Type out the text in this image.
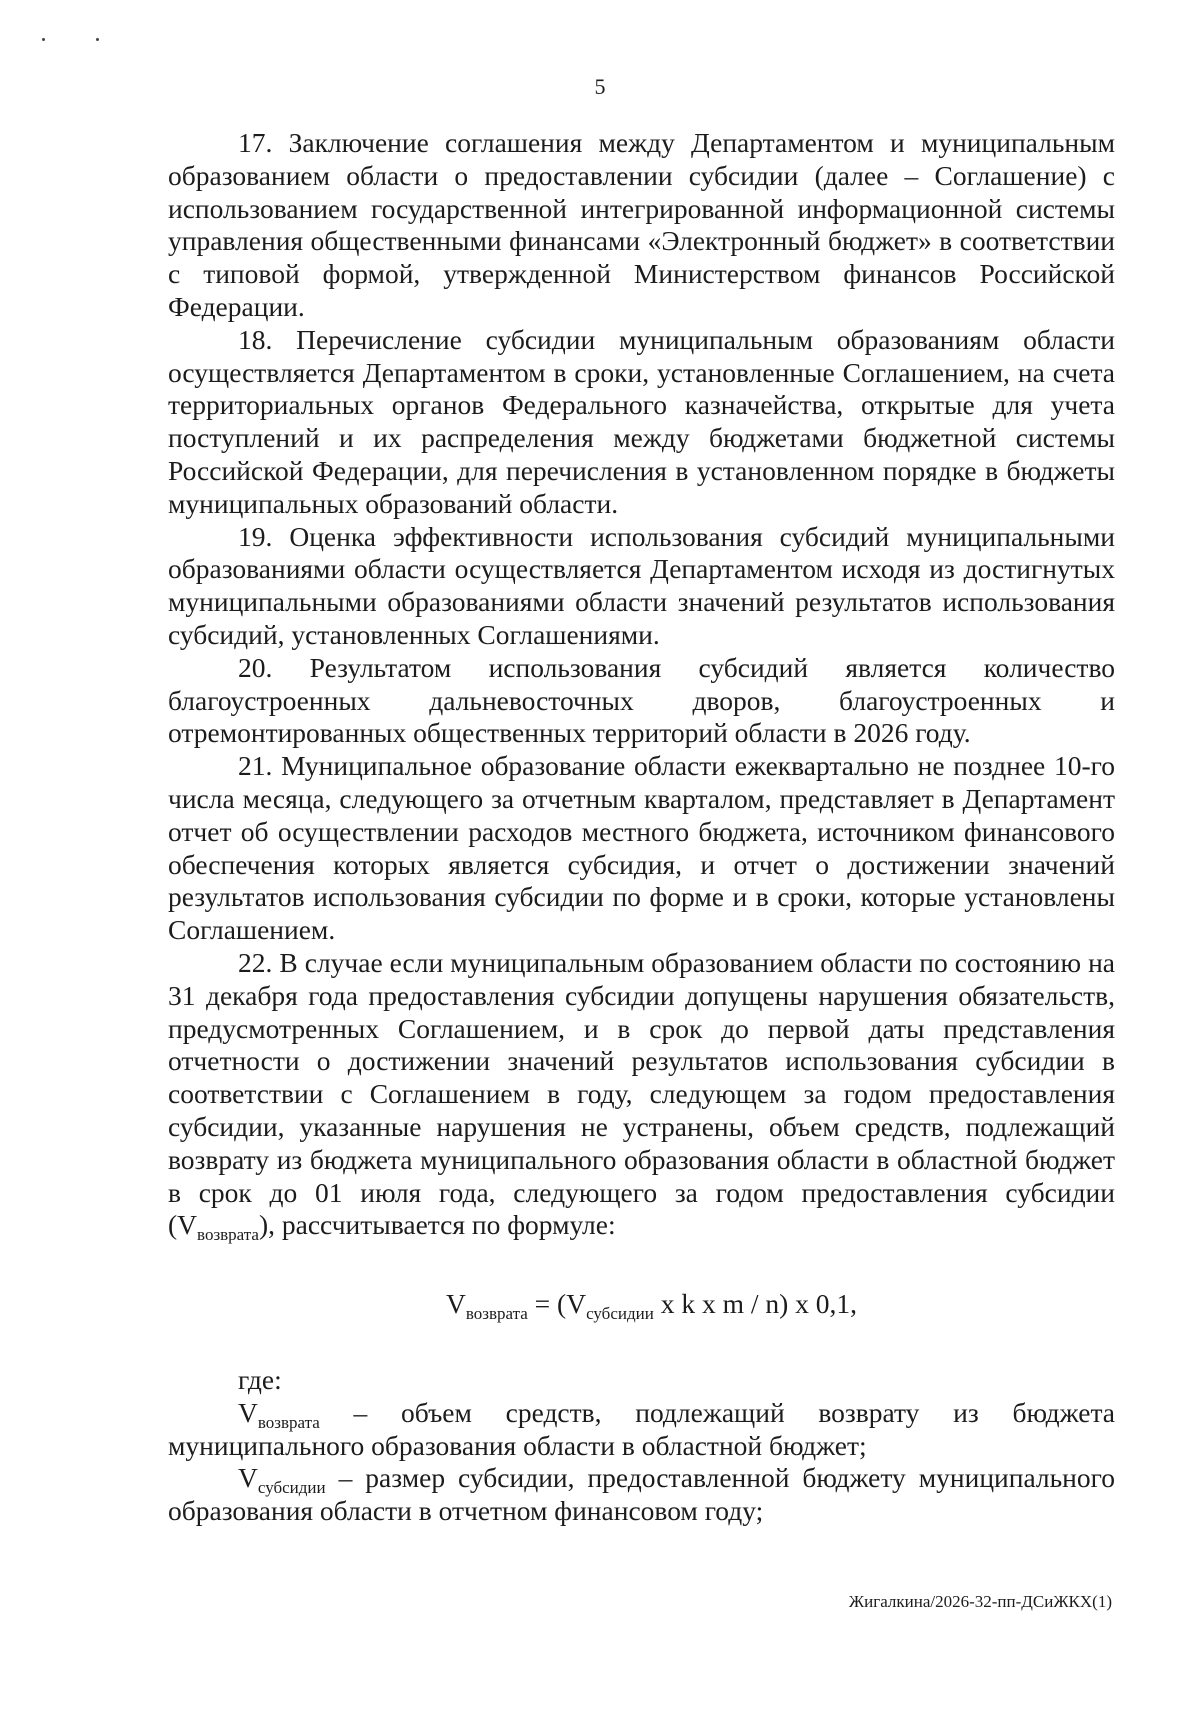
5

17. Заключение соглашения между Департаментом и муниципальным образованием области о предоставлении субсидии (далее – Соглашение) с использованием государственной интегрированной информационной системы управления общественными финансами «Электронный бюджет» в соответствии с типовой формой, утвержденной Министерством финансов Российской Федерации.

18. Перечисление субсидии муниципальным образованиям области осуществляется Департаментом в сроки, установленные Соглашением, на счета территориальных органов Федерального казначейства, открытые для учета поступлений и их распределения между бюджетами бюджетной системы Российской Федерации, для перечисления в установленном порядке в бюджеты муниципальных образований области.

19. Оценка эффективности использования субсидий муниципальными образованиями области осуществляется Департаментом исходя из достигнутых муниципальными образованиями области значений результатов использования субсидий, установленных Соглашениями.

20. Результатом использования субсидий является количество благоустроенных дальневосточных дворов, благоустроенных и отремонтированных общественных территорий области в 2026 году.

21. Муниципальное образование области ежеквартально не позднее 10-го числа месяца, следующего за отчетным кварталом, представляет в Департамент отчет об осуществлении расходов местного бюджета, источником финансового обеспечения которых является субсидия, и отчет о достижении значений результатов использования субсидии по форме и в сроки, которые установлены Соглашением.

22. В случае если муниципальным образованием области по состоянию на 31 декабря года предоставления субсидии допущены нарушения обязательств, предусмотренных Соглашением, и в срок до первой даты представления отчетности о достижении значений результатов использования субсидии в соответствии с Соглашением в году, следующем за годом предоставления субсидии, указанные нарушения не устранены, объем средств, подлежащий возврату из бюджета муниципального образования области в областной бюджет в срок до 01 июля года, следующего за годом предоставления субсидии $(V_{возврата})$, рассчитывается по формуле:

$V_{возврата} = (V_{субсидии}$ x k x m / n) x 0,1,

где:

$V_{возврата}$ – объем средств, подлежащий возврату из бюджета муниципального образования области в областной бюджет;

$V_{субсидии}$ – размер субсидии, предоставленной бюджету муниципального образования области в отчетном финансовом году;

Жигалкина/2026-32-пп-ДСиЖКХ(1)
